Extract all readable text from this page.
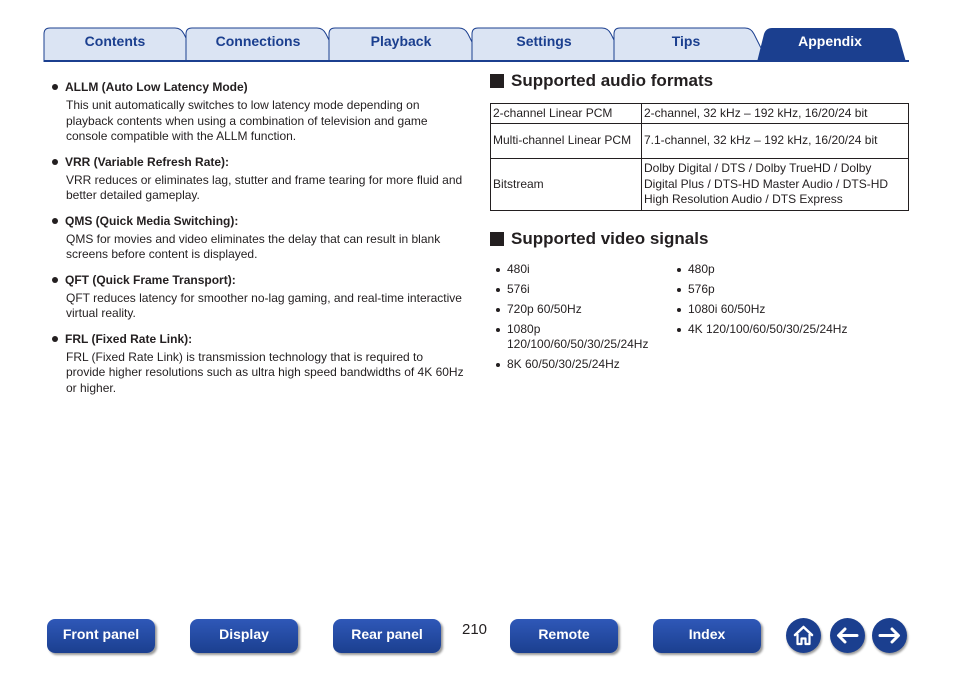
Contents	Connections	Playback	Settings	Tips	Appendix
ALLM (Auto Low Latency Mode)
This unit automatically switches to low latency mode depending on playback contents when using a combination of television and game console compatible with the ALLM function.
VRR (Variable Refresh Rate):
VRR reduces or eliminates lag, stutter and frame tearing for more fluid and better detailed gameplay.
QMS (Quick Media Switching):
QMS for movies and video eliminates the delay that can result in blank screens before content is displayed.
QFT (Quick Frame Transport):
QFT reduces latency for smoother no-lag gaming, and real-time interactive virtual reality.
FRL (Fixed Rate Link):
FRL (Fixed Rate Link) is transmission technology that is required to provide higher resolutions such as ultra high speed bandwidths of 4K 60Hz or higher.
Supported audio formats
2-channel Linear PCM	2-channel, 32 kHz – 192 kHz, 16/20/24 bit
Multi-channel Linear PCM	7.1-channel, 32 kHz – 192 kHz, 16/20/24 bit
Bitstream	Dolby Digital / DTS / Dolby TrueHD / Dolby Digital Plus / DTS-HD Master Audio / DTS-HD High Resolution Audio / DTS Express
Supported video signals
480i
576i
720p 60/50Hz
1080p 120/100/60/50/30/25/24Hz
8K 60/50/30/25/24Hz
480p
576p
1080i 60/50Hz
4K 120/100/60/50/30/25/24Hz
Front panel	Display	Rear panel	210	Remote	Index
